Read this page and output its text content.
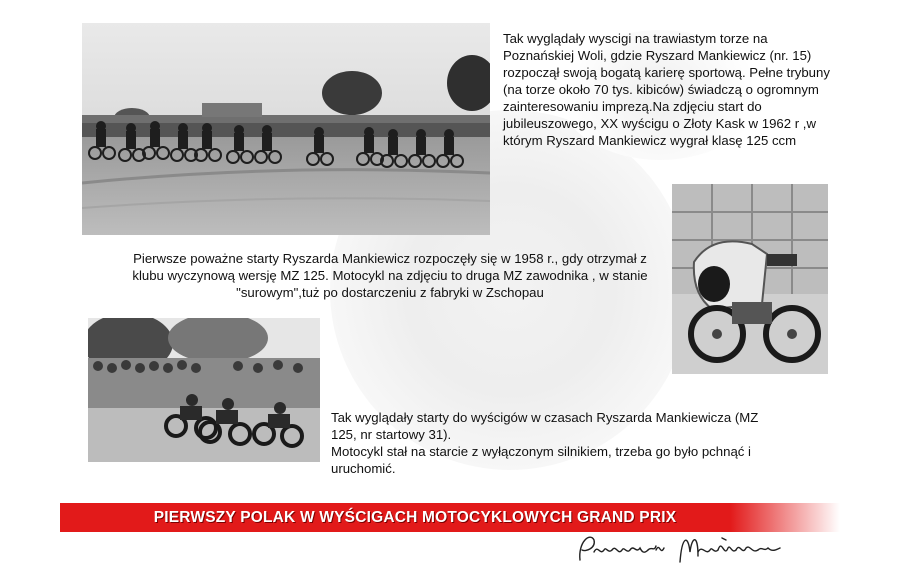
Tak wyglądały wyscigi na trawiastym torze na Poznańskiej Woli, gdzie Ryszard Mankiewicz (nr. 15) rozpoczął swoją bogatą karierę sportową. Pełne trybuny (na torze około 70 tys. kibiców) świadczą o ogromnym zainteresowaniu imprezą.Na zdjęciu start do jubileuszowego, XX wyścigu o Złoty Kask w 1962 r ,w którym Ryszard Mankiewicz wygrał klasę 125 ccm
Pierwsze poważne starty Ryszarda Mankiewicz rozpoczęły się w 1958 r., gdy otrzymał z klubu wyczynową wersję MZ 125. Motocykl na zdjęciu to druga MZ zawodnika , w stanie "surowym",tuż po dostarczeniu z fabryki w Zschopau
Tak wyglądały starty do wyścigów w czasach Ryszarda Mankiewicza (MZ 125, nr startowy 31).
Motocykl stał na starcie z wyłączonym silnikiem, trzeba go było pchnąć i uruchomić.
PIERWSZY POLAK W WYŚCIGACH MOTOCYKLOWYCH GRAND PRIX
